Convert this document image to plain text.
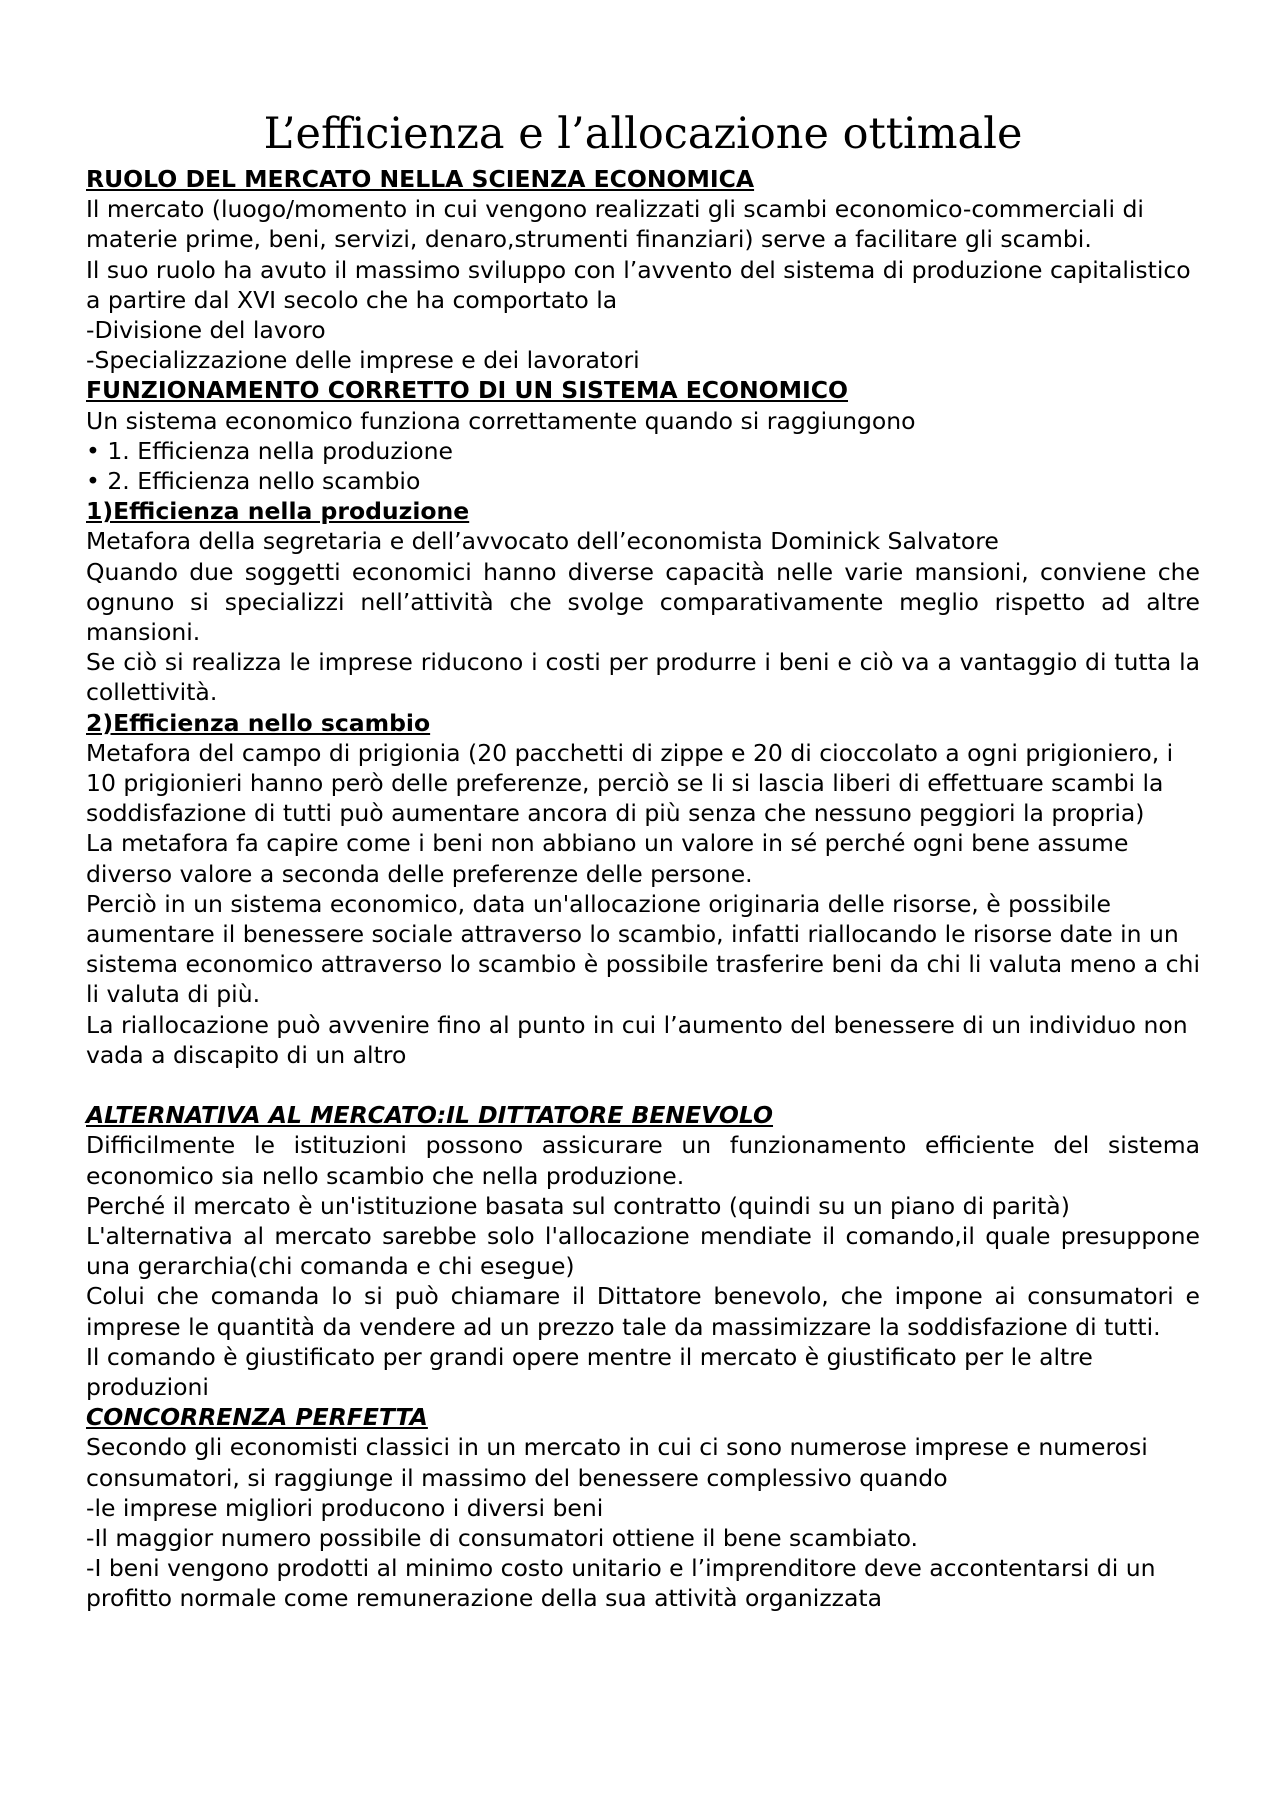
L’efficienza e l’allocazione ottimale

RUOLO DEL MERCATO NELLA SCIENZA ECONOMICA

Il mercato (luogo/momento in cui vengono realizzati gli scambi economico-commerciali di materie prime, beni, servizi, denaro,strumenti finanziari) serve a facilitare gli scambi.

Il suo ruolo ha avuto il massimo sviluppo con l’avvento del sistema di produzione capitalistico a partire dal XVI secolo che ha comportato la

-Divisione del lavoro

-Specializzazione delle imprese e dei lavoratori

FUNZIONAMENTO CORRETTO DI UN SISTEMA ECONOMICO

Un sistema economico funziona correttamente quando si raggiungono

• 1. Efficienza nella produzione

• 2. Efficienza nello scambio

1)Efficienza nella produzione

Metafora della segretaria e dell’avvocato dell’economista Dominick Salvatore

Quando due soggetti economici hanno diverse capacità nelle varie mansioni, conviene che ognuno si specializzi nell’attività che svolge comparativamente meglio rispetto ad altre mansioni.

Se ciò si realizza le imprese riducono i costi per produrre i beni e ciò va a vantaggio di tutta la collettività.

2)Efficienza nello scambio

Metafora del campo di prigionia (20 pacchetti di zippe e 20 di cioccolato a ogni prigioniero, i 10 prigionieri hanno però delle preferenze, perciò se li si lascia liberi di effettuare scambi la soddisfazione di tutti può aumentare ancora di più senza che nessuno peggiori la propria)

La metafora fa capire come i beni non abbiano un valore in sé perché ogni bene assume diverso valore a seconda delle preferenze delle persone.

Perciò in un sistema economico, data un'allocazione originaria delle risorse, è possibile aumentare il benessere sociale attraverso lo scambio, infatti riallocando le risorse date in un sistema economico attraverso lo scambio è possibile trasferire beni da chi li valuta meno a chi li valuta di più.

La riallocazione può avvenire fino al punto in cui l’aumento del benessere di un individuo non vada a discapito di un altro

ALTERNATIVA AL MERCATO:IL DITTATORE BENEVOLO

Difficilmente le istituzioni possono assicurare un funzionamento efficiente del sistema economico sia nello scambio che nella produzione.

Perché il mercato è un'istituzione basata sul contratto (quindi su un piano di parità)

L'alternativa al mercato sarebbe solo l'allocazione mendiate il comando,il quale presuppone una gerarchia(chi comanda e chi esegue)

Colui che comanda lo si può chiamare il Dittatore benevolo, che impone ai consumatori e imprese le quantità da vendere ad un prezzo tale da massimizzare la soddisfazione di tutti.

Il comando è giustificato per grandi opere mentre il mercato è giustificato per le altre produzioni

CONCORRENZA PERFETTA

Secondo gli economisti classici in un mercato in cui ci sono numerose imprese e numerosi consumatori, si raggiunge il massimo del benessere complessivo quando

-le imprese migliori producono i diversi beni

-Il maggior numero possibile di consumatori ottiene il bene scambiato.

-I beni vengono prodotti al minimo costo unitario e l’imprenditore deve accontentarsi di un profitto normale come remunerazione della sua attività organizzata
